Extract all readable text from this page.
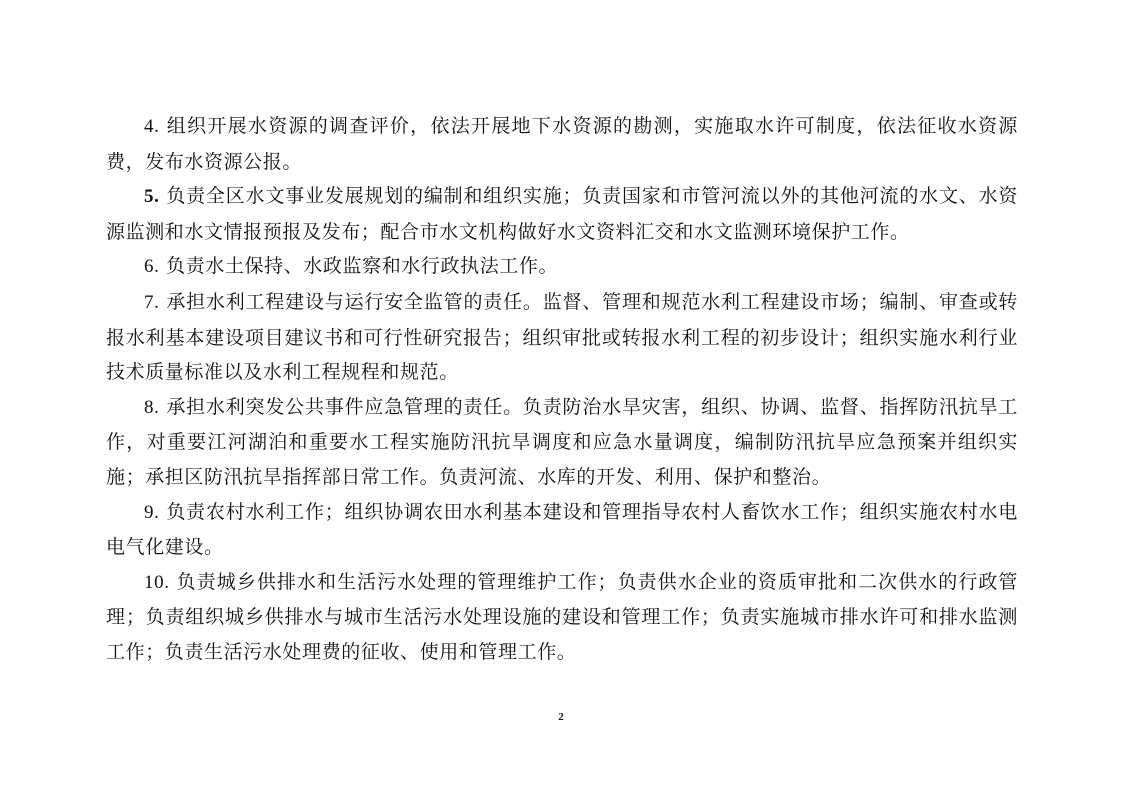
4. 组织开展水资源的调查评价，依法开展地下水资源的勘测，实施取水许可制度，依法征收水资源费，发布水资源公报。

5. 负责全区水文事业发展规划的编制和组织实施；负责国家和市管河流以外的其他河流的水文、水资源监测和水文情报预报及发布；配合市水文机构做好水文资料汇交和水文监测环境保护工作。

6. 负责水土保持、水政监察和水行政执法工作。

7. 承担水利工程建设与运行安全监管的责任。监督、管理和规范水利工程建设市场；编制、审查或转报水利基本建设项目建议书和可行性研究报告；组织审批或转报水利工程的初步设计；组织实施水利行业技术质量标准以及水利工程规程和规范。

8. 承担水利突发公共事件应急管理的责任。负责防治水旱灾害，组织、协调、监督、指挥防汛抗旱工作，对重要江河湖泊和重要水工程实施防汛抗旱调度和应急水量调度，编制防汛抗旱应急预案并组织实施；承担区防汛抗旱指挥部日常工作。负责河流、水库的开发、利用、保护和整治。

9. 负责农村水利工作；组织协调农田水利基本建设和管理指导农村人畜饮水工作；组织实施农村水电电气化建设。

10. 负责城乡供排水和生活污水处理的管理维护工作；负责供水企业的资质审批和二次供水的行政管理；负责组织城乡供排水与城市生活污水处理设施的建设和管理工作；负责实施城市排水许可和排水监测工作；负责生活污水处理费的征收、使用和管理工作。

2
